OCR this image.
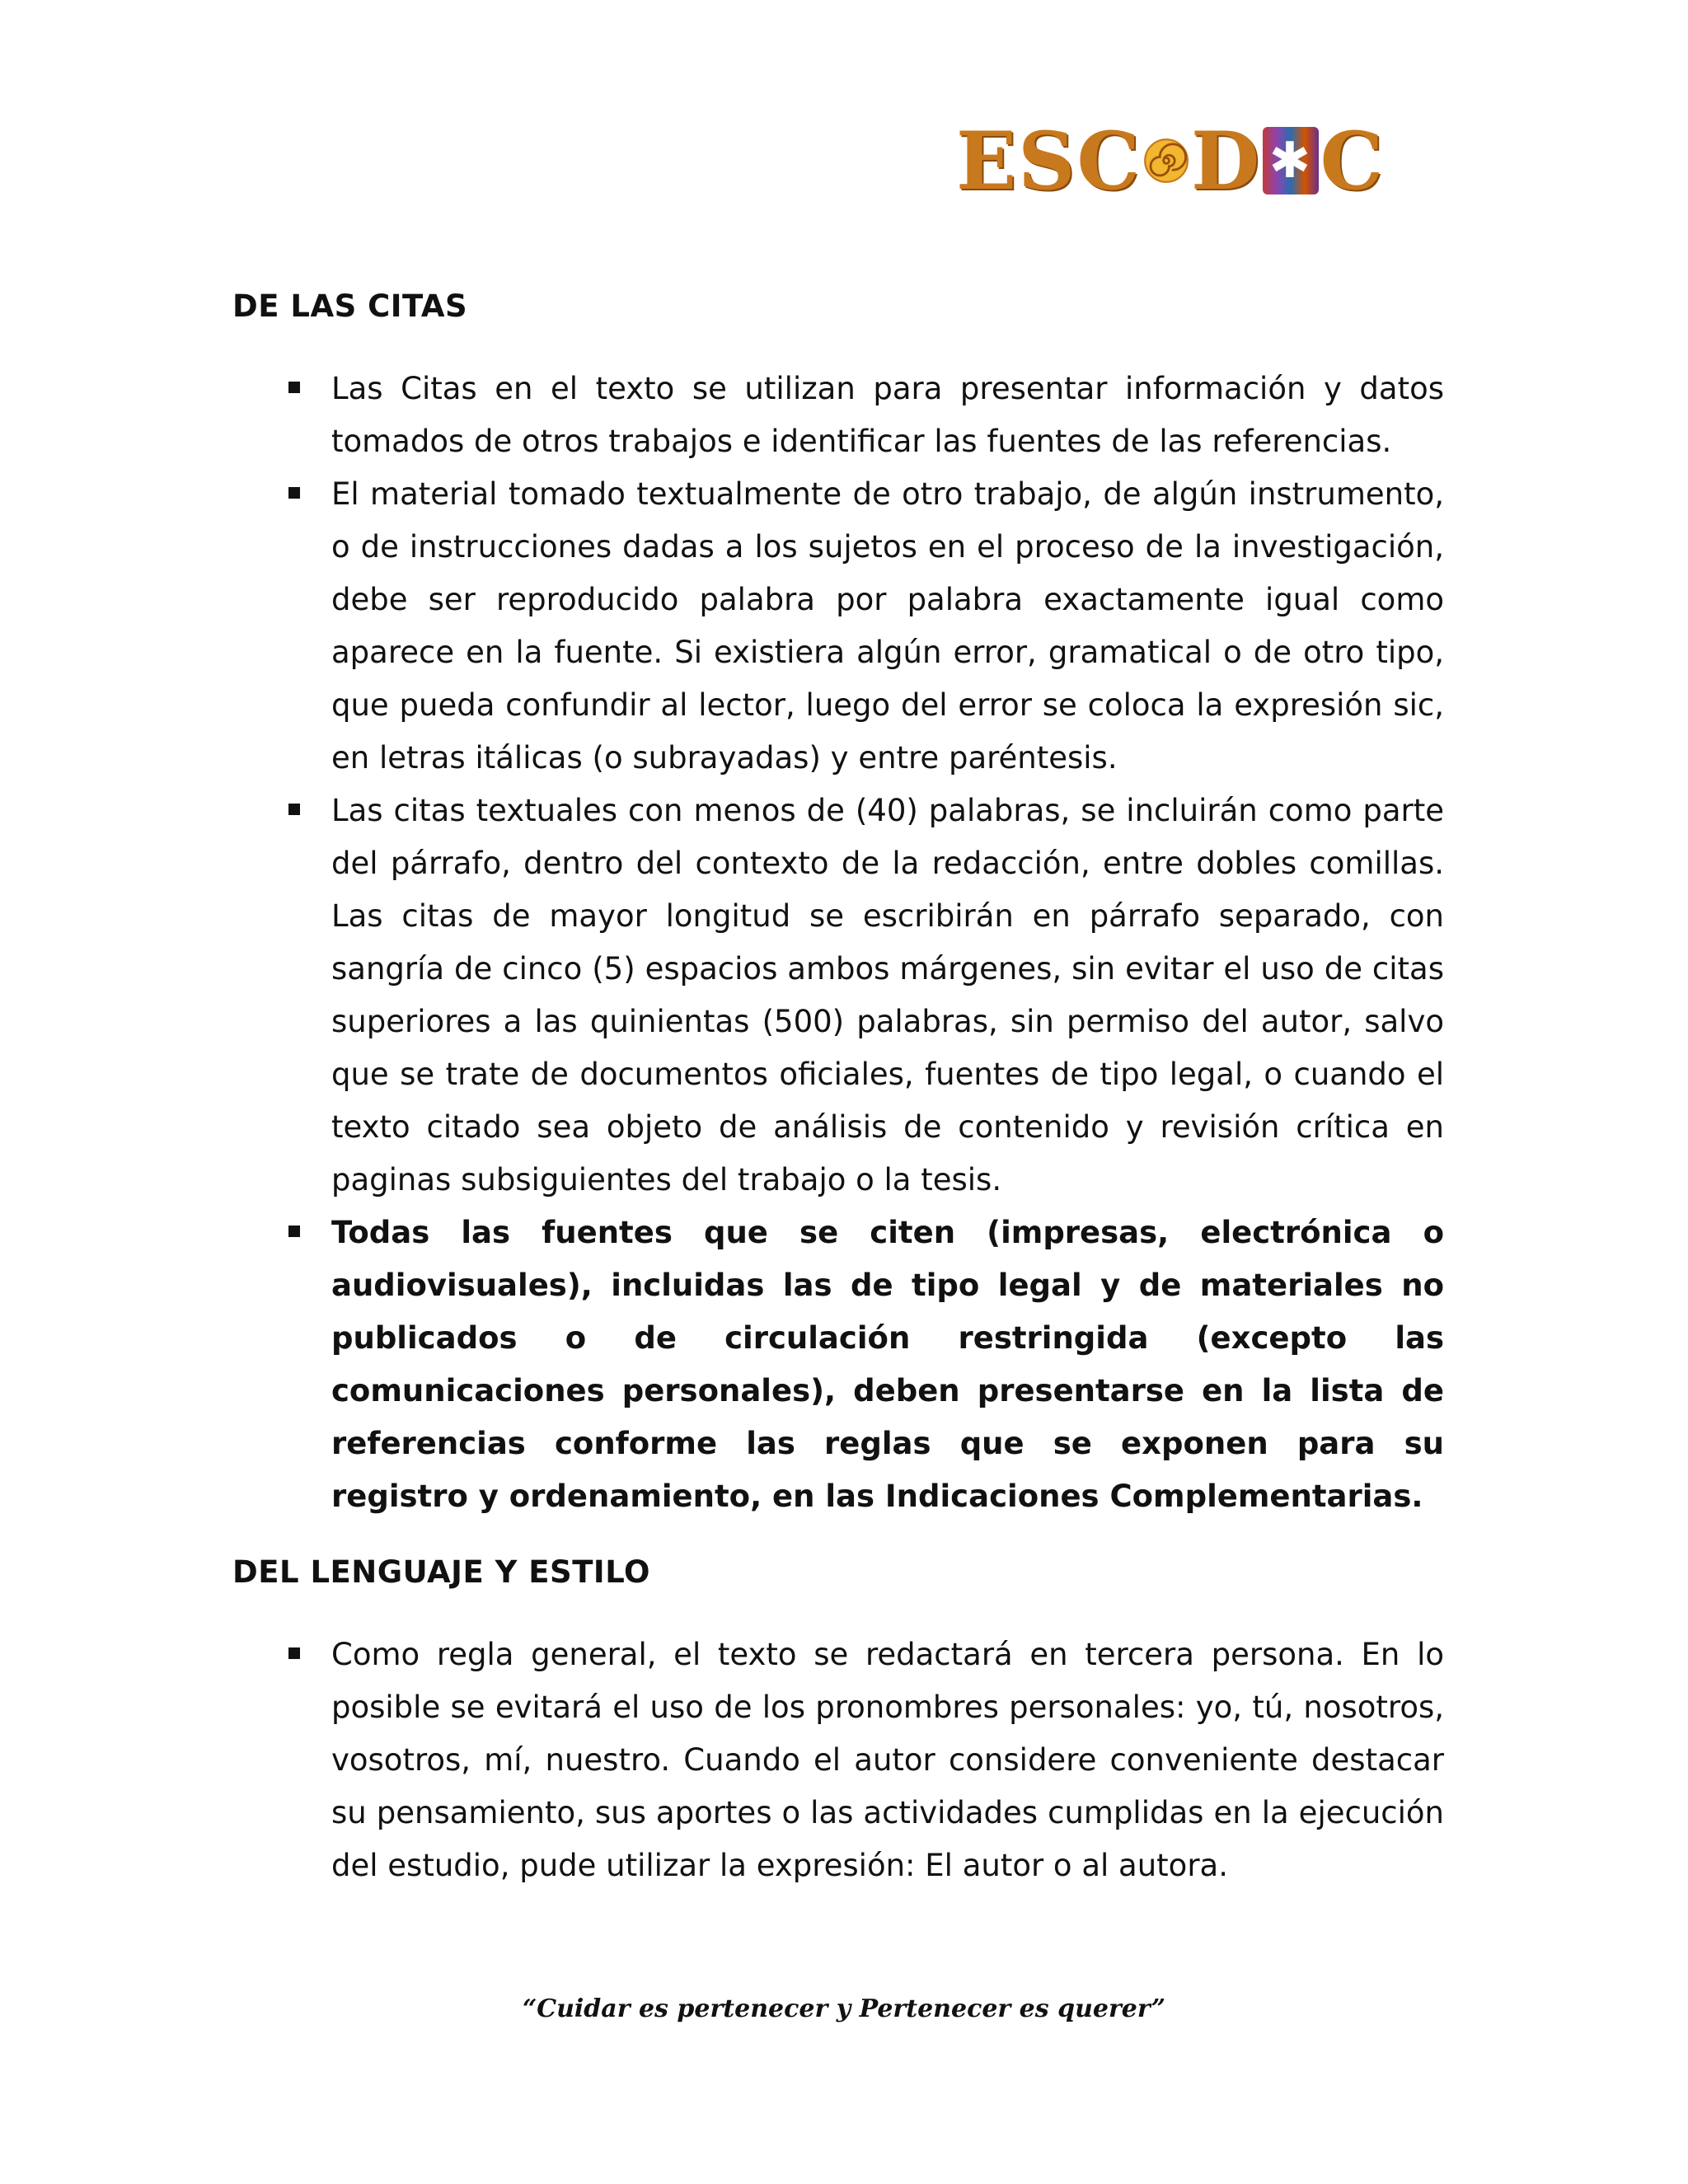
ESC D ✱ C
DE LAS CITAS
Las Citas en el texto se utilizan para presentar información y datos tomados de otros trabajos e identificar las fuentes de las referencias.
El material tomado textualmente de otro trabajo, de algún instrumento, o de instrucciones dadas a los sujetos en el proceso de la investigación, debe ser reproducido palabra por palabra exactamente igual como aparece en la fuente. Si existiera algún error, gramatical o de otro tipo, que pueda confundir al lector, luego del error se coloca la expresión sic, en letras itálicas (o subrayadas) y entre paréntesis.
Las citas textuales con menos de (40) palabras, se incluirán como parte del párrafo, dentro del contexto de la redacción, entre dobles comillas. Las citas de mayor longitud se escribirán en párrafo separado, con sangría de cinco (5) espacios ambos márgenes, sin evitar el uso de citas superiores a las quinientas (500) palabras, sin permiso del autor, salvo que se trate de documentos oficiales, fuentes de tipo legal, o cuando el texto citado sea objeto de análisis de contenido y revisión crítica en paginas subsiguientes del trabajo o la tesis.
Todas las fuentes que se citen (impresas, electrónica o audiovisuales), incluidas las de tipo legal y de materiales no publicados o de circulación restringida (excepto las comunicaciones personales), deben presentarse en la lista de referencias conforme las reglas que se exponen para su registro y ordenamiento, en las Indicaciones Complementarias.
DEL LENGUAJE Y ESTILO
Como regla general, el texto se redactará en tercera persona. En lo posible se evitará el uso de los pronombres personales: yo, tú, nosotros, vosotros, mí, nuestro. Cuando el autor considere conveniente destacar su pensamiento, sus aportes o las actividades cumplidas en la ejecución del estudio, pude utilizar la expresión: El autor o al autora.
“Cuidar es pertenecer y Pertenecer es querer”
